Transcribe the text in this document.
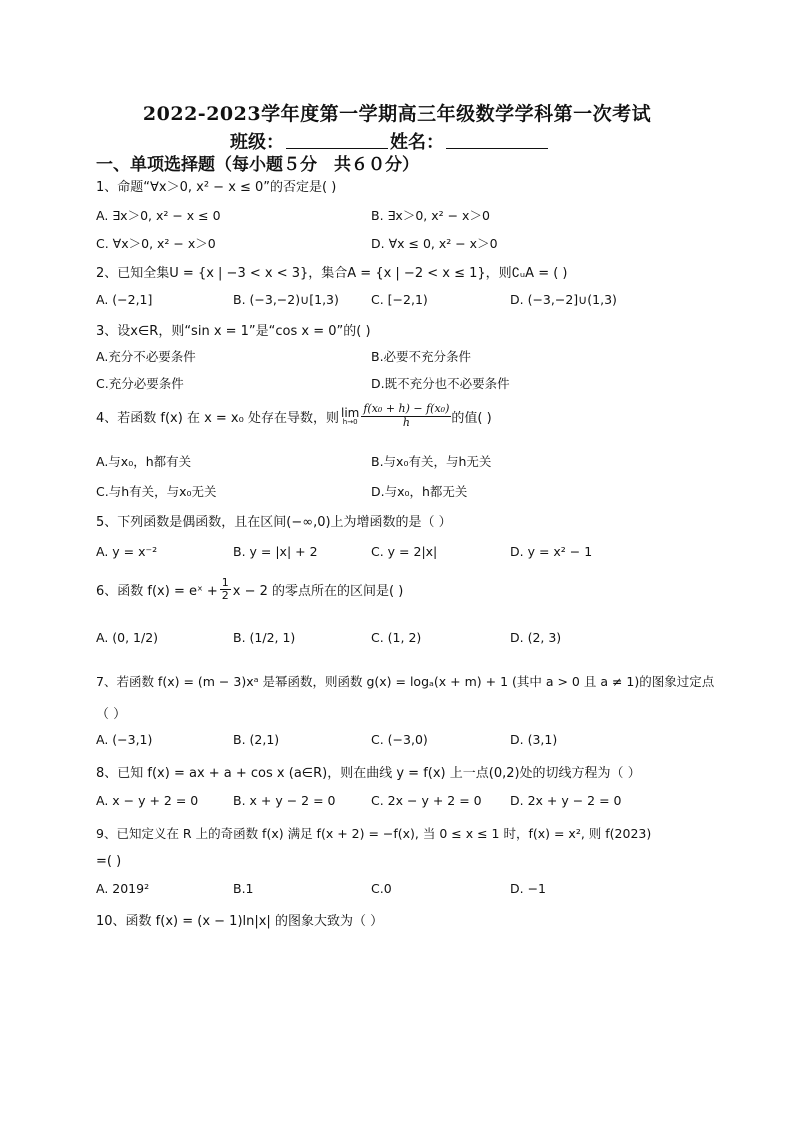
2022-2023学年度第一学期高三年级数学学科第一次考试
班级：	姓名：
一、单项选择题（每小题５分　共６０分）
1、命题“∀x＞0, x² − x ≤ 0”的否定是( )
A. ∃x＞0, x² − x ≤ 0	B. ∃x＞0, x² − x＞0
C. ∀x＞0, x² − x＞0	D. ∀x ≤ 0, x² − x＞0
2、已知全集U = {x | −3 < x < 3}，集合A = {x | −2 < x ≤ 1}，则∁ᵤA = ( )
A. (−2,1]	B. (−3,−2)∪[1,3)	C. [−2,1)	D. (−3,−2]∪(1,3)
3、设x∈R，则“sin x = 1”是“cos x = 0”的( )
A.充分不必要条件	B.必要不充分条件
C.充分必要条件	D.既不充分也不必要条件
4、若函数 f(x) 在 x = x₀ 处存在导数，则 lim
$h\to 0 \frac{\text{f(x₀ + h) − f(x₀)}}{h}$ 的值( )
A.与x₀，h都有关	B.与x₀有关，与h无关
C.与h有关，与x₀无关	D.与x₀，h都无关
5、下列函数是偶函数，且在区间(−∞,0)上为增函数的是（ ）
A. y = x⁻²	B. y = |x| + 2	C. y = 2|x|	D. y = x² − 1
6、函数 f(x) = eˣ + $\frac{1}{2}$ x − 2 的零点所在的区间是( )
A. (0, 1/2)	B. (1/2, 1)	C. (1, 2)	D. (2, 3)
7、若函数 f(x) = (m − 3)xᵃ 是幂函数，则函数 g(x) = logₐ(x + m) + 1 (其中 a > 0 且 a ≠ 1)的图象过定点
（ ）
A. (−3,1)	B. (2,1)	C. (−3,0)	D. (3,1)
8、已知 f(x) = ax + a + cos x (a∈R)，则在曲线 y = f(x) 上一点(0,2)处的切线方程为（ ）
A. x − y + 2 = 0	B. x + y − 2 = 0	C. 2x − y + 2 = 0 D. 2x + y − 2 = 0
9、已知定义在 R 上的奇函数 f(x) 满足 f(x + 2) = −f(x), 当 0 ≤ x ≤ 1 时，f(x) = x², 则 f(2023)
=( )
A. 2019²	B.1	C.0	D. −1
10、函数 f(x) = (x − 1)ln|x| 的图象大致为（ ）
